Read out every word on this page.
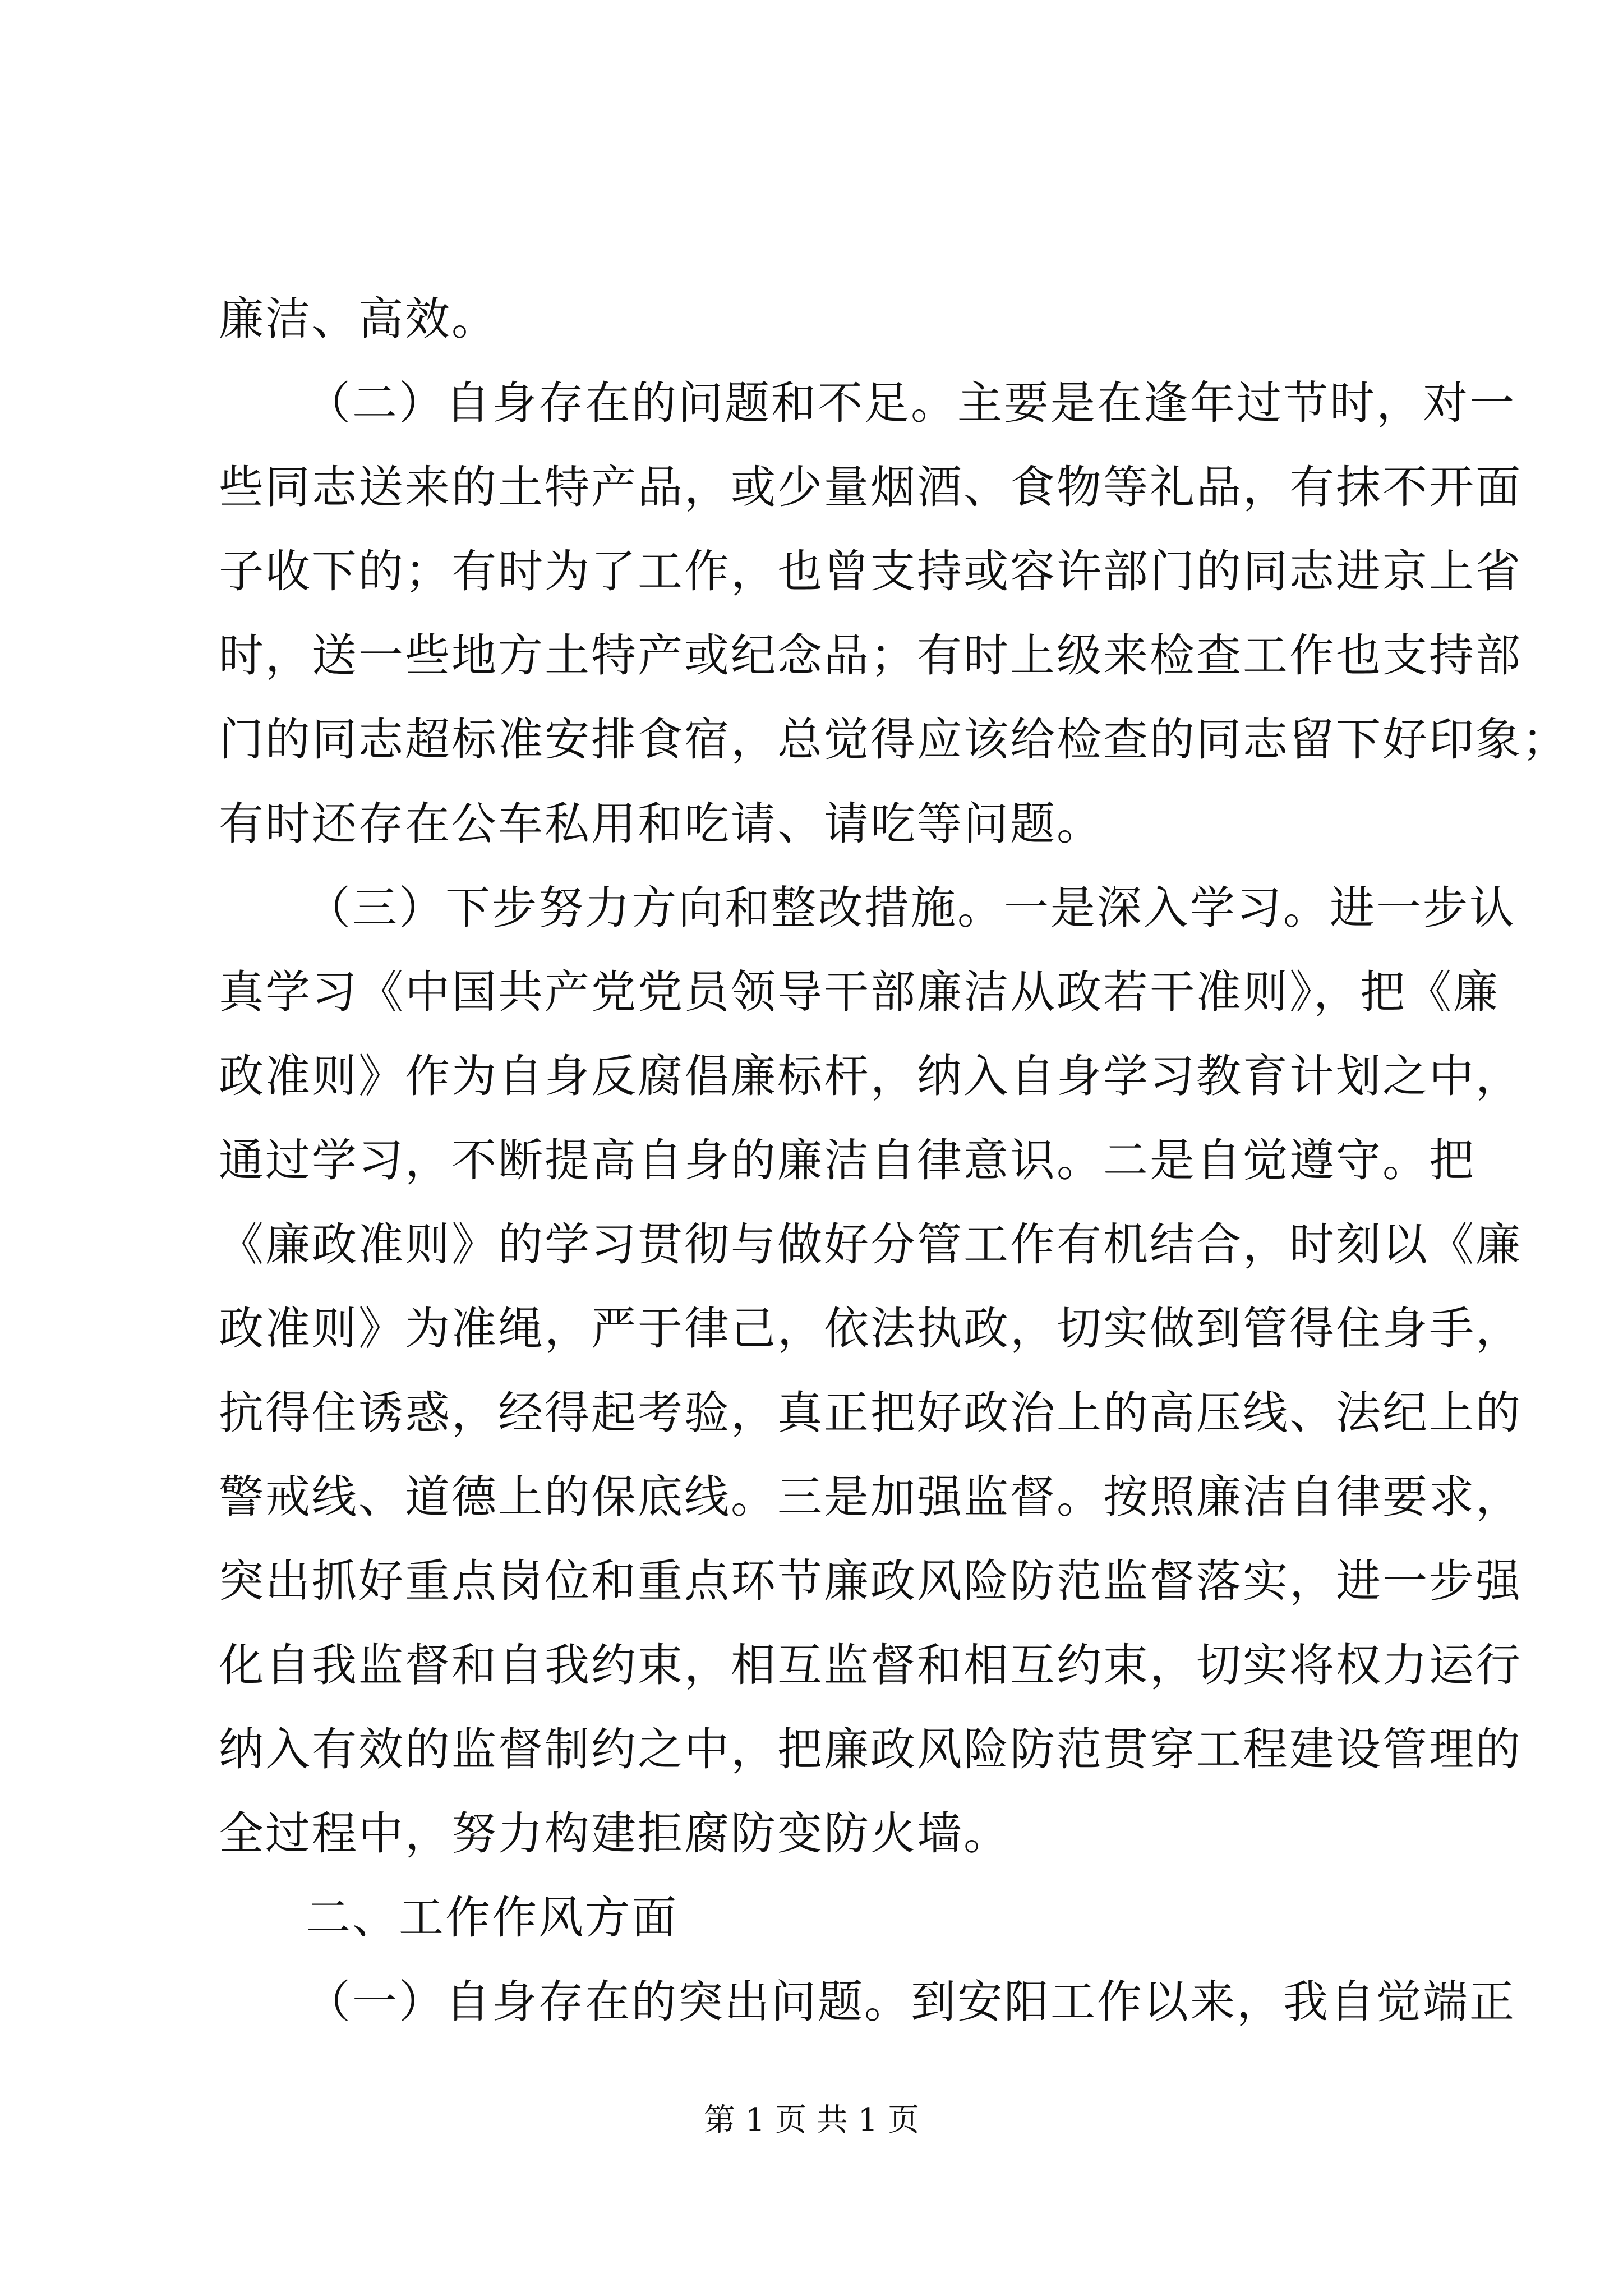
廉洁、高效。
（二）自身存在的问题和不足。主要是在逢年过节时，对一
些同志送来的土特产品，或少量烟酒、食物等礼品，有抹不开面
子收下的；有时为了工作，也曾支持或容许部门的同志进京上省
时，送一些地方土特产或纪念品；有时上级来检查工作也支持部
门的同志超标准安排食宿，总觉得应该给检查的同志留下好印象；
有时还存在公车私用和吃请、请吃等问题。
（三）下步努力方向和整改措施。一是深入学习。进一步认
真学习《中国共产党党员领导干部廉洁从政若干准则》，把《廉
政准则》作为自身反腐倡廉标杆，纳入自身学习教育计划之中，
通过学习，不断提高自身的廉洁自律意识。二是自觉遵守。把
《廉政准则》的学习贯彻与做好分管工作有机结合，时刻以《廉
政准则》为准绳，严于律己，依法执政，切实做到管得住身手，
抗得住诱惑，经得起考验，真正把好政治上的高压线、法纪上的
警戒线、道德上的保底线。三是加强监督。按照廉洁自律要求，
突出抓好重点岗位和重点环节廉政风险防范监督落实，进一步强
化自我监督和自我约束，相互监督和相互约束，切实将权力运行
纳入有效的监督制约之中，把廉政风险防范贯穿工程建设管理的
全过程中，努力构建拒腐防变防火墙。
二、工作作风方面
（一）自身存在的突出问题。到安阳工作以来，我自觉端正
第 1 页 共 1 页
